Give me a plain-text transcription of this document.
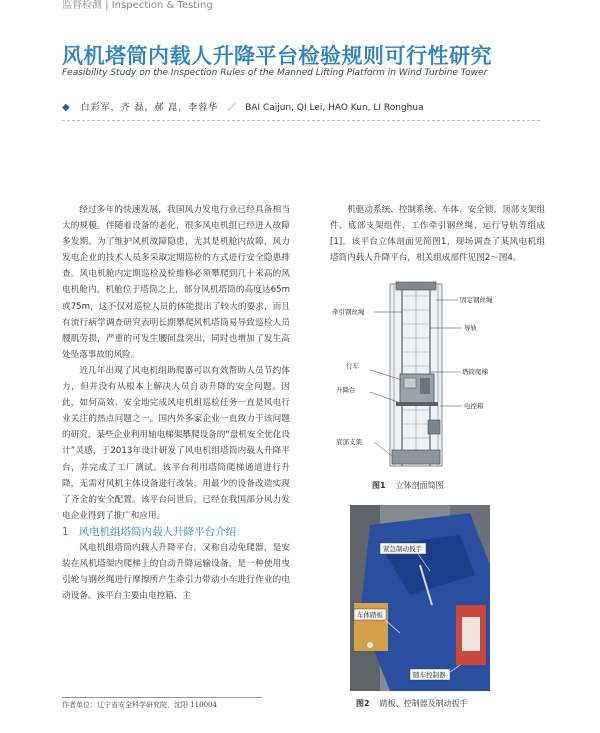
监督检测 | Inspection & Testing
风机塔筒内载人升降平台检验规则可行性研究
Feasibility Study on the Inspection Rules of the Manned Lifting Platform in Wind Turbine Tower
◆ 白彩军，齐 磊，郝 崑，李蓉华 ／ BAI Caijun, QI Lei, HAO Kun, LI Ronghua

经过多年的快速发展，我国风力发电行业已经具备相当大的规模。伴随着设备的老化，很多风电机组已经进入故障多发期。为了维护风机故障隐患，尤其是机舱内故障，风力发电企业的技术人员多采取定期巡检的方式进行安全隐患排查。风电机舱内定期巡检及检维修必须攀爬到几十米高的风电机舱内，机舱位于塔筒之上，部分风机塔筒的高度达65m或75m，这不仅对巡检人员的体能提出了较大的要求，而且有流行病学调查研究表明长期攀爬风机塔筒易导致巡检人员腰肌劳损，严重的可发生腰间盘突出，同时也增加了发生高处坠落事故的风险。

近几年出现了风电机组助爬器可以有效帮助人员节约体力，但并没有从根本上解决人员自动升降的安全问题。因此，如何高效、安全地完成风电机组巡检任务一直是风电行业关注的热点问题之一。国内外多家企业一直致力于该问题的研究，某些企业利用轴电梯架攀爬设备的“盘机安全优化设计”灵感，于2013年设计研发了风电机组塔筒内载人升降平台，并完成了工厂测试。该平台利用塔筒爬梯通道进行升降，无需对风机主体设备进行改装，用最少的设备改造实现了齐全的安全配置。该平台问世后，已经在我国部分风力发电企业得到了推广和应用。

1 风电机组塔筒内载人升降平台介绍

风电机组塔筒内载人升降平台，又称自动免爬器，是安装在风机塔架内爬梯上的自动升降运输设备，是一种使用曳引轮与钢丝绳进行摩擦所产生牵引力带动小车进行作业的电动设备。该平台主要由电控箱、主

机驱动系统、控制系统、车体、安全锁、顶部支架组件、底部支架组件、工作牵引钢丝绳、运行导轨等组成[1]。该平台立体剖面见简图1，现场调查了某风电机组塔筒内载人升降平台，相关组成部件见图2～图4。

固定钢丝绳
牵引钢丝绳
导轨
塔筒爬梯
行车
升降台
电控箱
底部支架
图1 立体剖面简图
紧急制动扳手
车体踏板
随车控制器
图2 踏板、控制器及制动扳手
作者单位：辽宁省安全科学研究院，沈阳 110004
